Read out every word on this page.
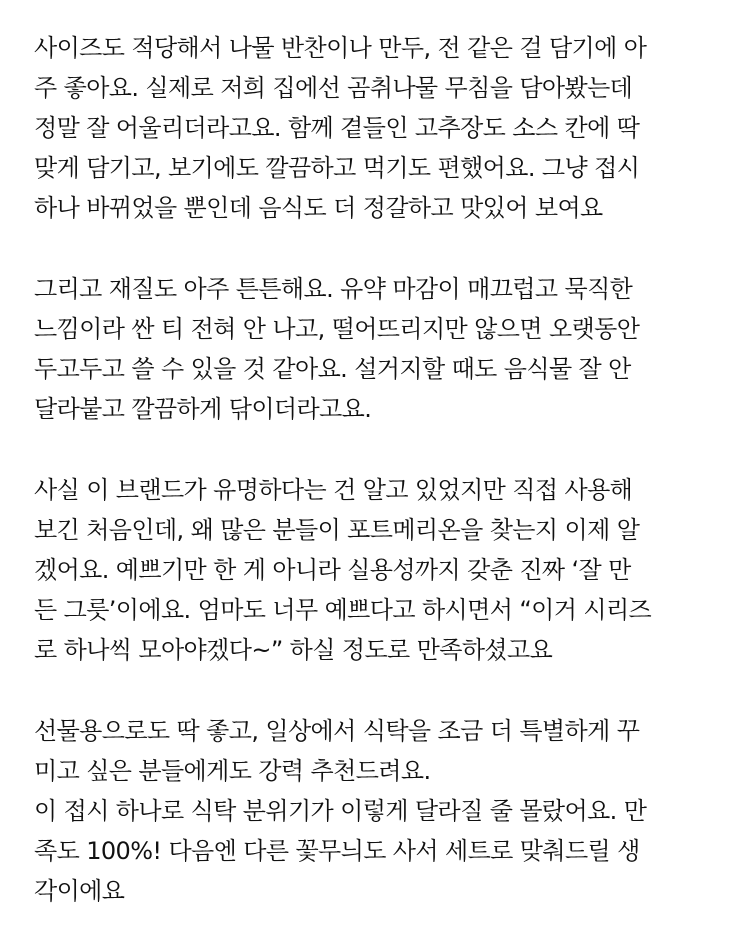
사이즈도 적당해서 나물 반찬이나 만두, 전 같은 걸 담기에 아
주 좋아요. 실제로 저희 집에선 곰취나물 무침을 담아봤는데
정말 잘 어울리더라고요. 함께 곁들인 고추장도 소스 칸에 딱
맞게 담기고, 보기에도 깔끔하고 먹기도 편했어요. 그냥 접시
하나 바뀌었을 뿐인데 음식도 더 정갈하고 맛있어 보여요

그리고 재질도 아주 튼튼해요. 유약 마감이 매끄럽고 묵직한
느낌이라 싼 티 전혀 안 나고, 떨어뜨리지만 않으면 오랫동안
두고두고 쓸 수 있을 것 같아요. 설거지할 때도 음식물 잘 안
달라붙고 깔끔하게 닦이더라고요.

사실 이 브랜드가 유명하다는 건 알고 있었지만 직접 사용해
보긴 처음인데, 왜 많은 분들이 포트메리온을 찾는지 이제 알
겠어요. 예쁘기만 한 게 아니라 실용성까지 갖춘 진짜 ‘잘 만
든 그릇’이에요. 엄마도 너무 예쁘다고 하시면서 “이거 시리즈
로 하나씩 모아야겠다~” 하실 정도로 만족하셨고요

선물용으로도 딱 좋고, 일상에서 식탁을 조금 더 특별하게 꾸
미고 싶은 분들에게도 강력 추천드려요.
이 접시 하나로 식탁 분위기가 이렇게 달라질 줄 몰랐어요. 만
족도 100%! 다음엔 다른 꽃무늬도 사서 세트로 맞춰드릴 생
각이에요
